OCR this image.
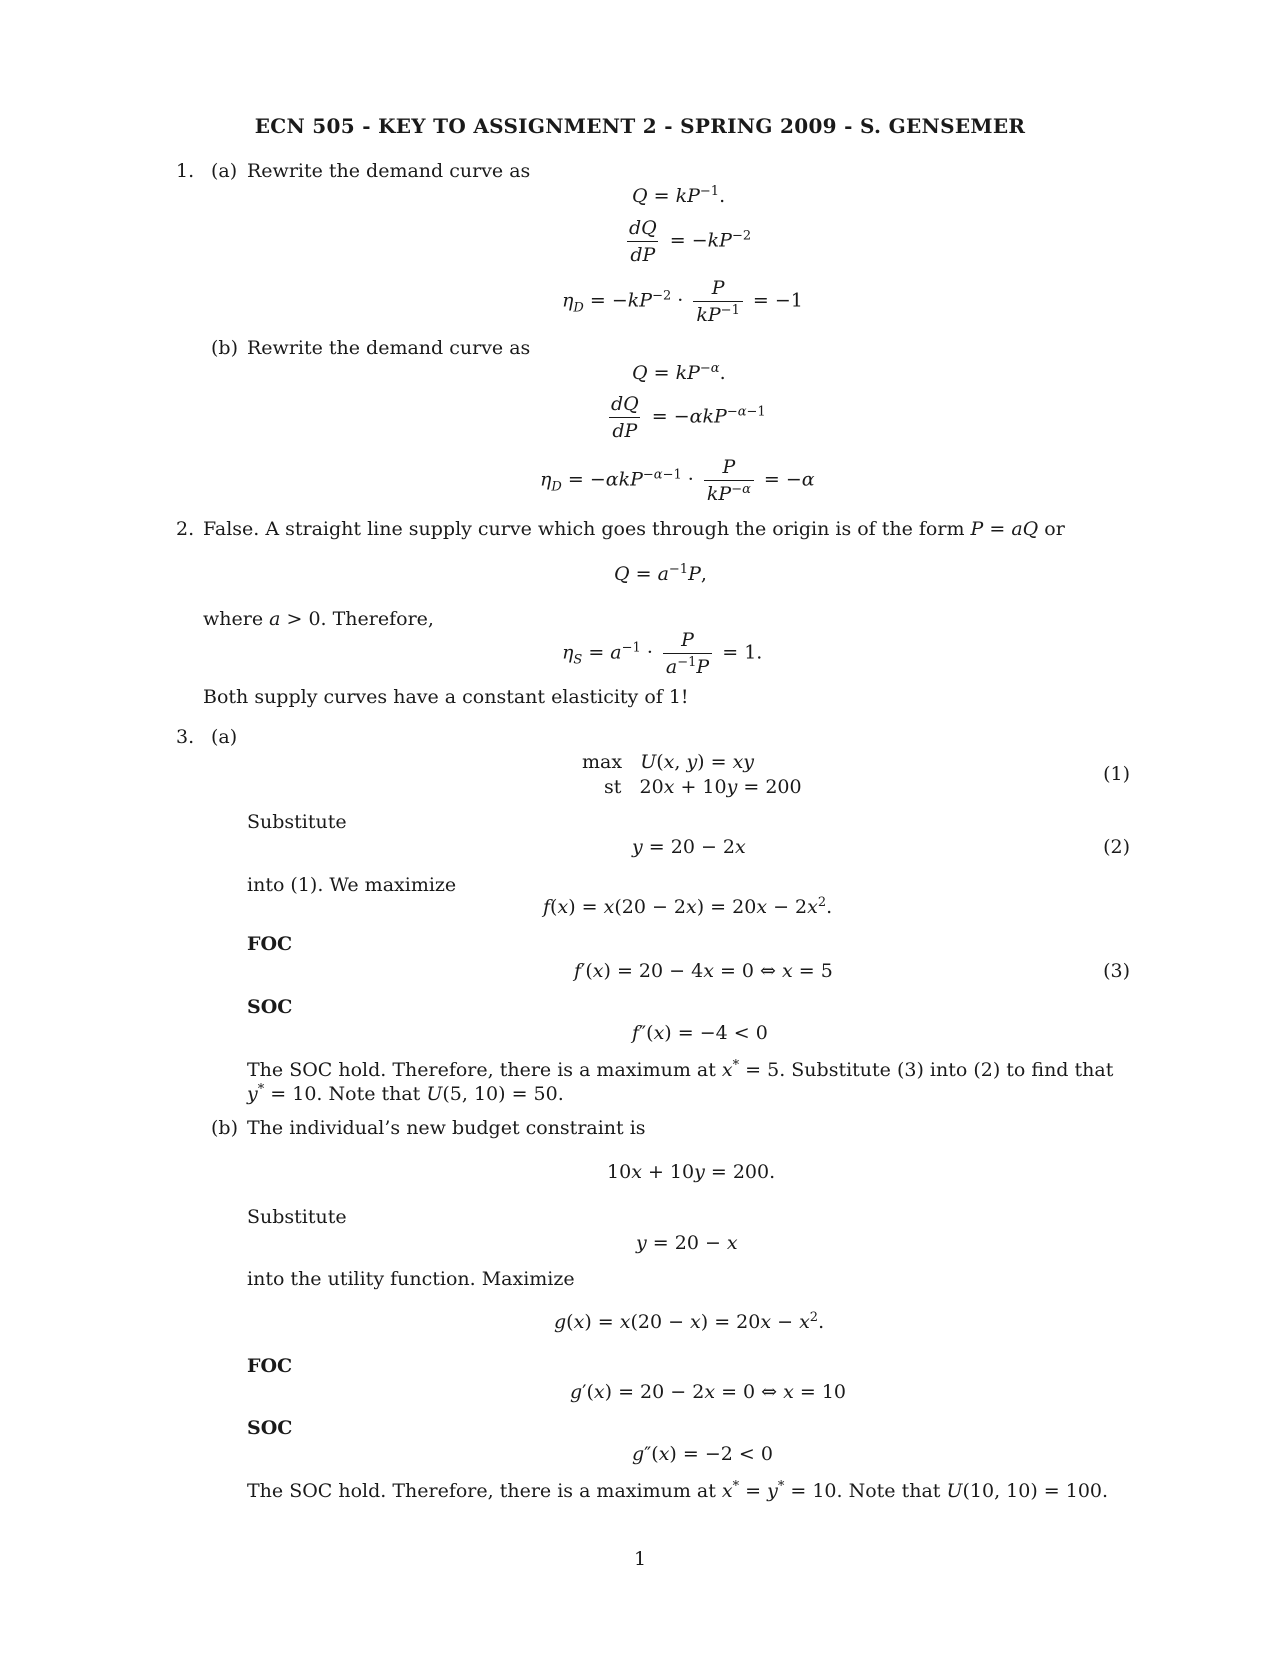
ECN 505 - KEY TO ASSIGNMENT 2 - SPRING 2009 - S. GENSEMER
1. (a) Rewrite the demand curve as
$Q = kP^{-1}$.
$\frac{dQ}{dP} = -kP^{-2}$
$\eta_D = -kP^{-2} \cdot \frac{P}{kP^{-1}} = -1$
(b) Rewrite the demand curve as
$Q = kP^{-\alpha}$.
$\frac{dQ}{dP} = -\alpha kP^{-\alpha-1}$
$\eta_D = -\alpha kP^{-\alpha-1} \cdot \frac{P}{kP^{-\alpha}} = -\alpha$
2. False. A straight line supply curve which goes through the origin is of the form P = aQ or
$Q = a^{-1}P$,
where a > 0. Therefore,
$\eta_S = a^{-1} \cdot \frac{P}{a^{-1}P} = 1$.
Both supply curves have a constant elasticity of 1!
3. (a)
max   U(x, y) = xy
st   20x + 10y = 200
(1)
Substitute
y = 20 − 2x	(2)
into (1). We maximize
$f(x) = x(20 - 2x) = 20x - 2x^2$.
FOC
f′(x) = 20 − 4x = 0 ⇔ x = 5	(3)
SOC
f″(x) = −4 < 0
The SOC hold. Therefore, there is a maximum at x* = 5. Substitute (3) into (2) to find that
y* = 10. Note that U(5, 10) = 50.
(b) The individual’s new budget constraint is
10x + 10y = 200.
Substitute
y = 20 − x
into the utility function. Maximize
$g(x) = x(20 - x) = 20x - x^2$.
FOC
g′(x) = 20 − 2x = 0 ⇔ x = 10
SOC
g″(x) = −2 < 0
The SOC hold. Therefore, there is a maximum at x* = y* = 10. Note that U(10, 10) = 100.
1
